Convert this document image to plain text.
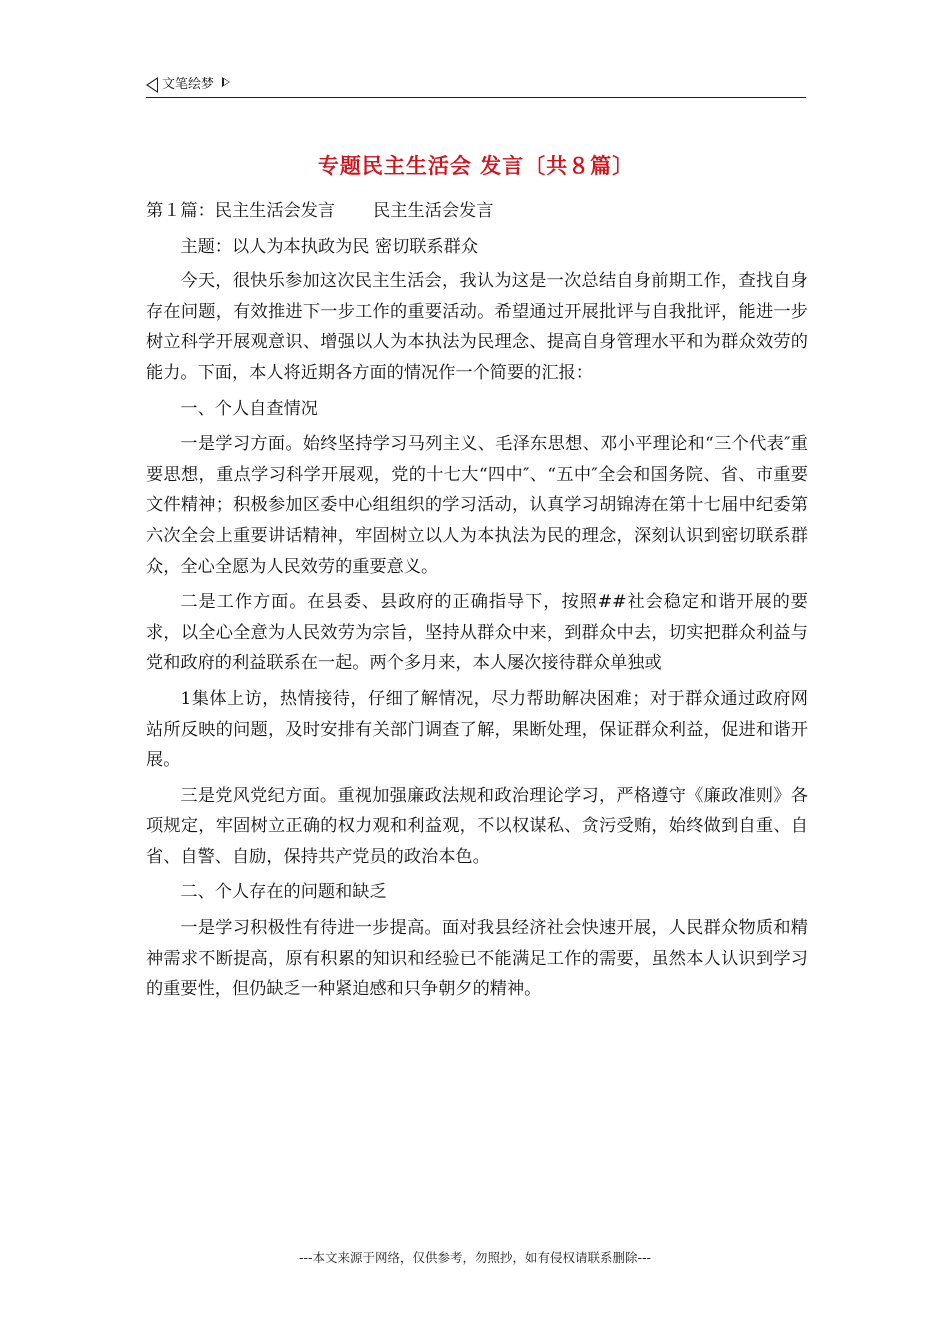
文笔绘梦
专题民主生活会 发言〔共８篇〕

第１篇：民主生活会发言 民主生活会发言

主题：以人为本执政为民 密切联系群众

今天，很快乐参加这次民主生活会，我认为这是一次总结自身前期工作，查找自身存在问题，有效推进下一步工作的重要活动。希望通过开展批评与自我批评，能进一步树立科学开展观意识、增强以人为本执法为民理念、提高自身管理水平和为群众效劳的能力。下面，本人将近期各方面的情况作一个简要的汇报：

一、个人自查情况

一是学习方面。始终坚持学习马列主义、毛泽东思想、邓小平理论和“三个代表″重要思想，重点学习科学开展观，党的十七大“四中″、“五中″全会和国务院、省、市重要文件精神；积极参加区委中心组组织的学习活动，认真学习胡锦涛在第十七届中纪委第六次全会上重要讲话精神，牢固树立以人为本执法为民的理念，深刻认识到密切联系群众，全心全愿为人民效劳的重要意义。

二是工作方面。在县委、县政府的正确指导下，按照##社会稳定和谐开展的要求，以全心全意为人民效劳为宗旨，坚持从群众中来，到群众中去，切实把群众利益与党和政府的利益联系在一起。两个多月来，本人屡次接待群众单独或

1集体上访，热情接待，仔细了解情况，尽力帮助解决困难；对于群众通过政府网站所反映的问题，及时安排有关部门调查了解，果断处理，保证群众利益，促进和谐开展。

三是党风党纪方面。重视加强廉政法规和政治理论学习，严格遵守《廉政准则》各项规定，牢固树立正确的权力观和利益观，不以权谋私、贪污受贿，始终做到自重、自省、自警、自励，保持共产党员的政治本色。

二、个人存在的问题和缺乏

一是学习积极性有待进一步提高。面对我县经济社会快速开展，人民群众物质和精神需求不断提高，原有积累的知识和经验已不能满足工作的需要，虽然本人认识到学习的重要性，但仍缺乏一种紧迫感和只争朝夕的精神。

---本文来源于网络，仅供参考，勿照抄，如有侵权请联系删除---
